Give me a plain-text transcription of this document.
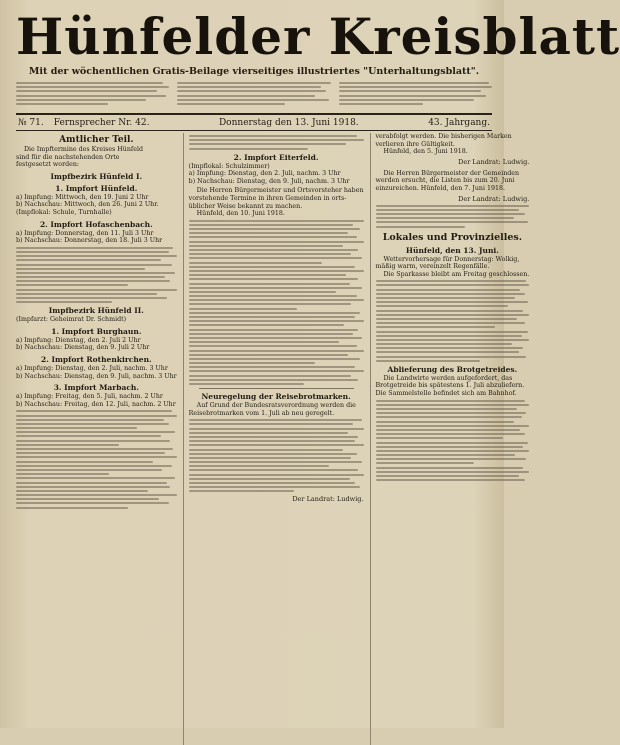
Hünfelder Kreisblatt
Mit der wöchentlichen Gratis-Beilage vierseitiges illustriertes "Unterhaltungsblatt".
№ 71. Fernsprecher Nr. 42.	Donnerstag den 13. Juni 1918.	43. Jahrgang.
Amtlicher Teil.
Die Impftermine des Kreises Hünfeld
sind für die nachstehenden Orte
festgesetzt worden:
Impfbezirk Hünfeld I.
1. Impfort Hünfeld.
a) Impfung: Mittwoch, den 19. Juni 2 Uhr
b) Nachschau: Mittwoch, den 26. Juni 2 Uhr.
(Impflokal: Schule, Turnhalle)
2. Impfort Hofaschenbach.
a) Impfung: Donnerstag, den 11. Juli 3 Uhr
b) Nachschau: Donnerstag, den 18. Juli 3 Uhr
Impfbezirk Hünfeld II.
(Impfarzt: Geheimrat Dr. Schmidt)
1. Impfort Burghaun.
a) Impfung: Dienstag, den 2. Juli 2 Uhr
b) Nachschau: Dienstag, den 9. Juli 2 Uhr
2. Impfort Rothenkirchen.
a) Impfung: Dienstag, den 2. Juli, nachm. 3 Uhr
b) Nachschau: Dienstag, den 9. Juli, nachm. 3 Uhr
3. Impfort Marbach.
a) Impfung: Freitag, den 5. Juli, nachm. 2 Uhr
b) Nachschau: Freitag, den 12. Juli, nachm. 2 Uhr
2. Impfort Eiterfeld.
(Impflokal: Schulzimmer)
a) Impfung: Dienstag, den 2. Juli, nachm. 3 Uhr
b) Nachschau: Dienstag, den 9. Juli, nachm. 3 Uhr
Die Herren Bürgermeister und Ortsvorsteher haben
vorstehende Termine in ihren Gemeinden in orts-
üblicher Weise bekannt zu machen.
Hünfeld, den 10. Juni 1918.
Neuregelung der Reisebrotmarken.
Auf Grund der Bundesratsverordnung werden die
Reisebrotmarken vom 1. Juli ab neu geregelt.
Der Landrat: Ludwig.
verabfolgt werden. Die bisherigen Marken
verlieren ihre Gültigkeit.
Hünfeld, den 5. Juni 1918.
Der Landrat: Ludwig.
Die Herren Bürgermeister der Gemeinden
werden ersucht, die Listen bis zum 20. Juni
einzureichen. Hünfeld, den 7. Juni 1918.
Der Landrat: Ludwig.
Lokales und Provinzielles.
Hünfeld, den 13. Juni.
Wettervorhersage für Donnerstag: Wolkig,
mäßig warm, vereinzelt Regenfälle.
Die Sparkasse bleibt am Freitag geschlossen.
Ablieferung des Brotgetreides.
Die Landwirte werden aufgefordert, das
Brotgetreide bis spätestens 1. Juli abzuliefern.
Die Sammelstelle befindet sich am Bahnhof.
